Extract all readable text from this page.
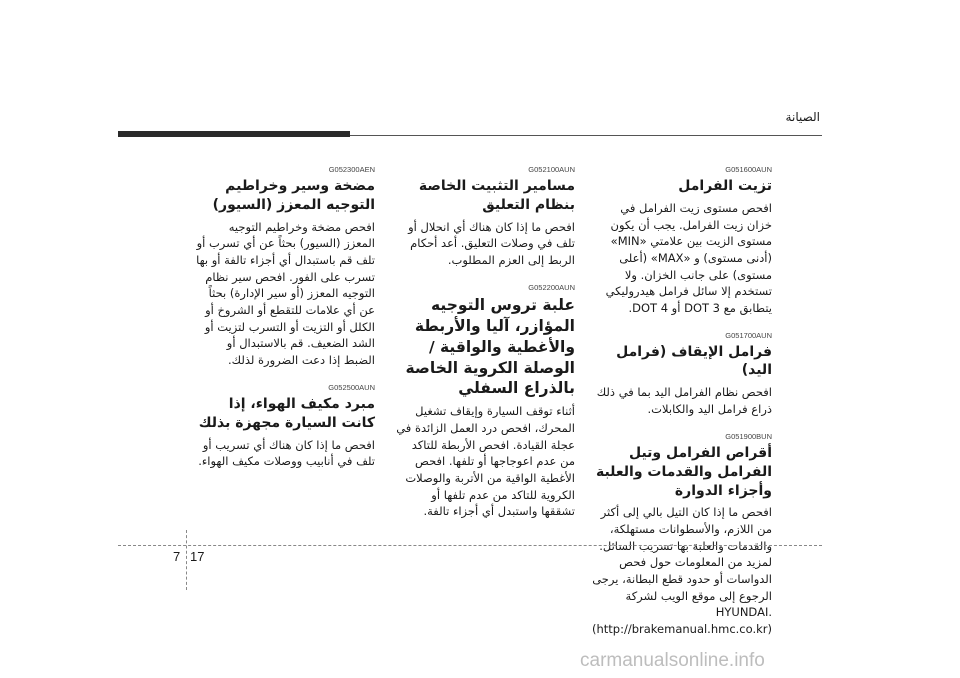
الصيانة
G051600AUN
تزيت الفرامل
افحص مستوى زيت الفرامل في خزان زيت الفرامل. يجب أن يكون مستوى الزيت بين علامتي «MIN» (أدنى مستوى) و «MAX» (أعلى مستوى) على جانب الخزان. ولا تستخدم إلا سائل فرامل هيدروليكي يتطابق مع DOT 3 أو DOT 4.
G051700AUN
فرامل الإيقاف (فرامل اليد)
افحص نظام الفرامل اليد بما في ذلك ذراع فرامل اليد والكابلات.
G051900BUN
أقراص الفرامل وتيل الفرامل والقدمات والعلبة وأجزاء الدوارة
افحص ما إذا كان التيل بالي إلى أكثر من اللازم، والأسطوانات مستهلكة، والقدمات والعلبة بها تسريب السائل. لمزيد من المعلومات حول فحص الدواسات أو حدود قطع البطانة، يرجى الرجوع إلى موقع الويب لشركة HYUNDAI. (http://brakemanual.hmc.co.kr)
G052100AUN
مسامير التثبيت الخاصة بنظام التعليق
افحص ما إذا كان هناك أي انحلال أو تلف في وصلات التعليق. أعد أحكام الربط إلى العزم المطلوب.
G052200AUN
علبة تروس التوجيه المؤازر، آليا والأربطة والأغطية والواقية / الوصلة الكروية الخاصة بالذراع السفلي
أثناء توقف السيارة وإيقاف تشغيل المحرك، افحص درد العمل الزائدة في عجلة القيادة. افحص الأربطة للتاكد من عدم اعوجاجها أو تلفها. افحص الأغطية الواقية من الأتربة والوصلات الكروية للتاكد من عدم تلفها أو تشققها واستبدل أي أجزاء تالفة.
G052300AEN
مضخة وسير وخراطيم التوجيه المعزز (السيور)
افحص مضخة وخراطيم التوجيه المعزز (السيور) بحثاً عن أي تسرب أو تلف قم باستبدال أي أجزاء تالفة أو بها تسرب على الفور. افحص سير نظام التوجيه المعزز (أو سير الإدارة) بحثاً عن أي علامات للتقطع أو الشروخ أو الكلل أو التزيت أو التسرب لتزيت أو الشد الضعيف. قم بالاستبدال أو الضبط إذا دعت الضرورة لذلك.
G052500AUN
مبرد مكيف الهواء، إذا كانت السيارة مجهزة بذلك
افحص ما إذا كان هناك أي تسريب أو تلف في أنابيب ووصلات مكيف الهواء.
7 17
carmanualsonline.info
